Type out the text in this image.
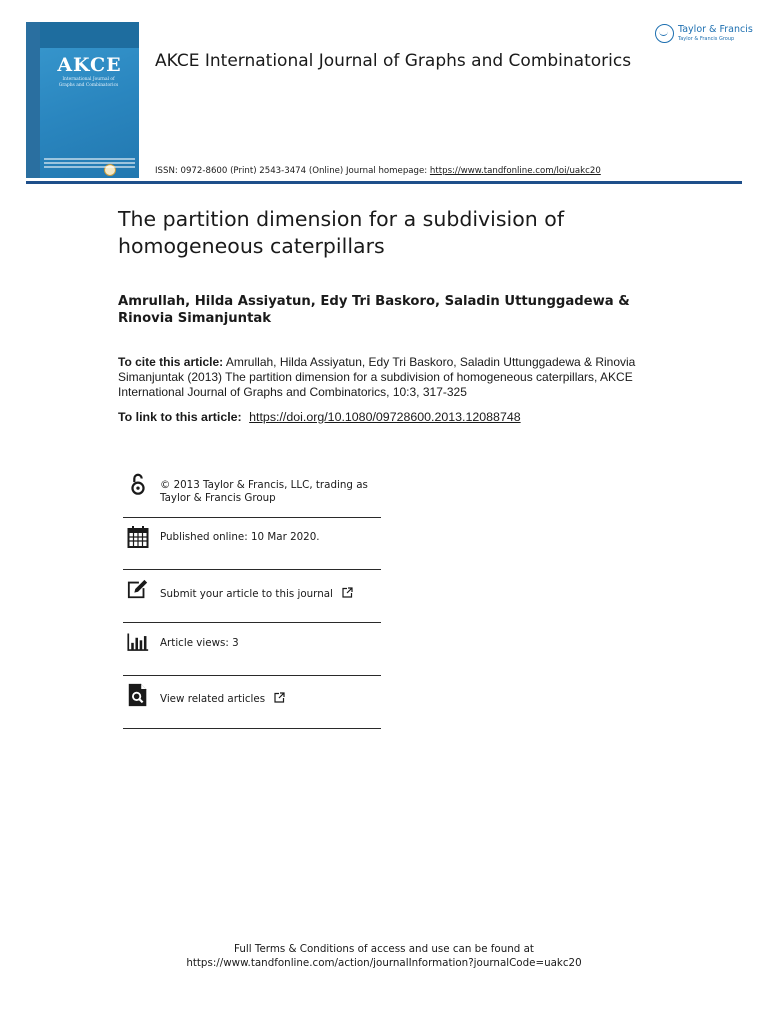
AKCE
International Journal of
Graphs and Combinatorics
AKCE International Journal of Graphs and Combinatorics
Taylor & Francis
Taylor & Francis Group
ISSN: 0972-8600 (Print) 2543-3474 (Online) Journal homepage: https://www.tandfonline.com/loi/uakc20
The partition dimension for a subdivision of homogeneous caterpillars
Amrullah, Hilda Assiyatun, Edy Tri Baskoro, Saladin Uttunggadewa & Rinovia Simanjuntak
To cite this article: Amrullah, Hilda Assiyatun, Edy Tri Baskoro, Saladin Uttunggadewa & Rinovia Simanjuntak (2013) The partition dimension for a subdivision of homogeneous caterpillars, AKCE International Journal of Graphs and Combinatorics, 10:3, 317-325
To link to this article: https://doi.org/10.1080/09728600.2013.12088748
© 2013 Taylor & Francis, LLC, trading as
Taylor & Francis Group
Published online: 10 Mar 2020.
Submit your article to this journal
Article views: 3
View related articles
Full Terms & Conditions of access and use can be found at
https://www.tandfonline.com/action/journalInformation?journalCode=uakc20
